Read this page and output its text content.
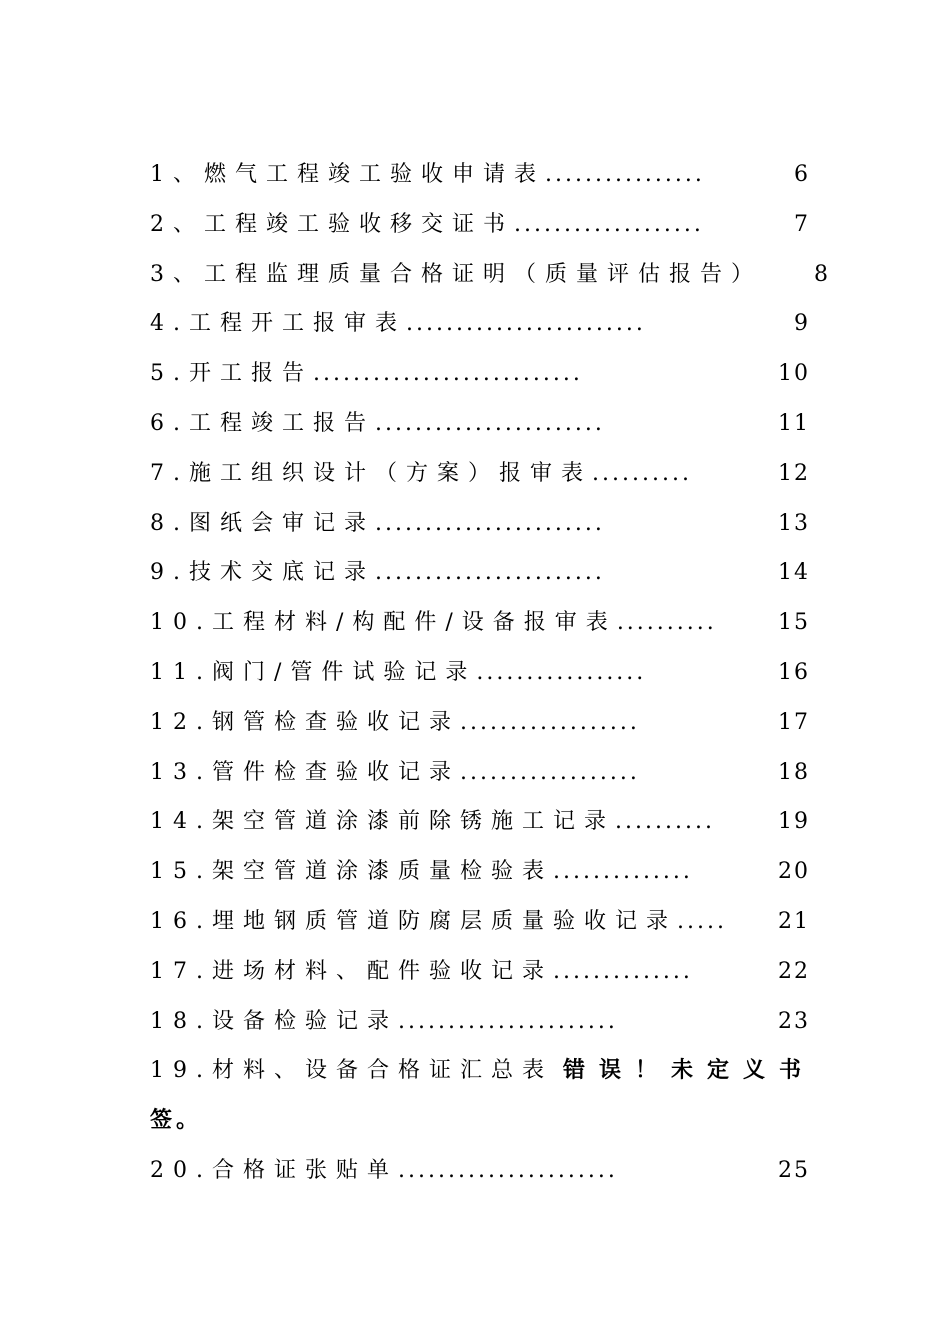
1、燃气工程竣工验收申请表................	6
2、工程竣工验收移交证书...................	7
3、工程监理质量合格证明（质量评估报告） 8
4.工程开工报审表........................	9
5.开工报告...........................	10
6.工程竣工报告.......................	11
7.施工组织设计（方案）报审表..........	12
8.图纸会审记录.......................	13
9.技术交底记录.......................	14
10.工程材料/构配件/设备报审表..........	15
11.阀门/管件试验记录.................	16
12.钢管检查验收记录..................	17
13.管件检查验收记录..................	18
14.架空管道涂漆前除锈施工记录..........	19
15.架空管道涂漆质量检验表..............	20
16.埋地钢质管道防腐层质量验收记录..... 21
17.进场材料、配件验收记录..............	22
18.设备检验记录......................	23
19.材料、设备合格证汇总表 错误！未定义书
签。
20.合格证张贴单......................	25
